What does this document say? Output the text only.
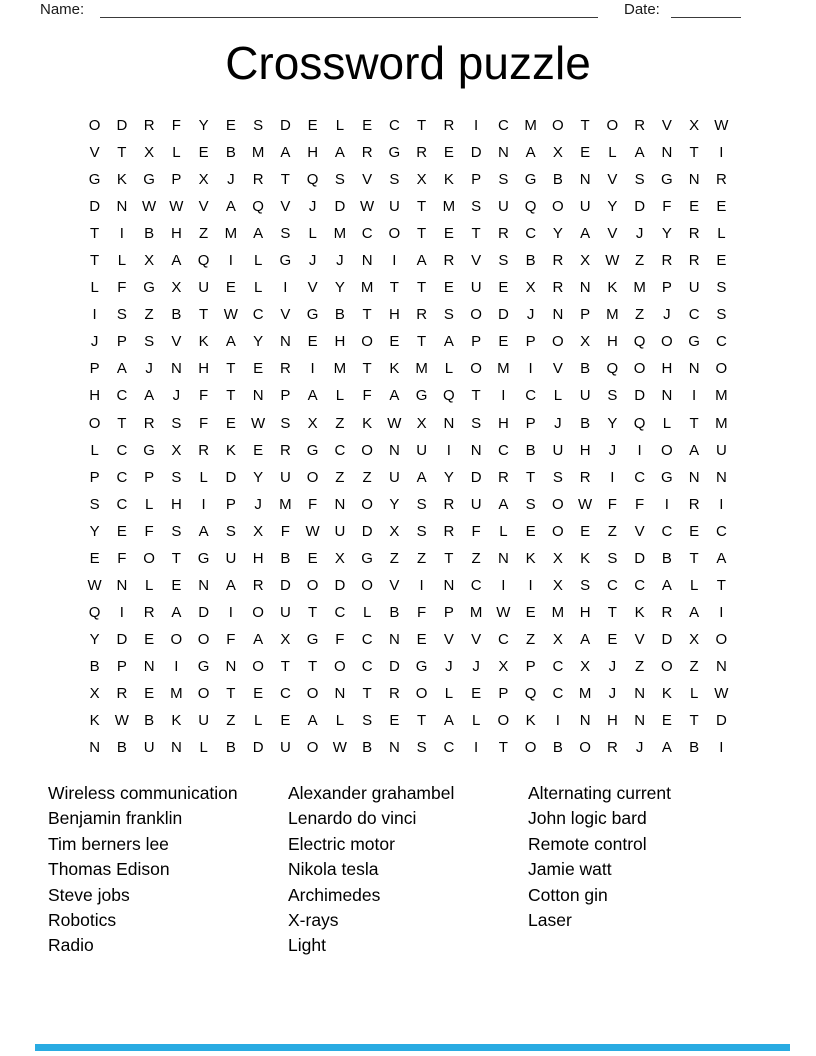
Name:	Date:
Crossword puzzle
O	D	R	F	Y	E	S	D	E	L	E	C	T	R	I	C	M	O	T	O	R	V	X	W
V	T	X	L	E	B	M	A	H	A	R	G	R	E	D	N	A	X	E	L	A	N	T	I
G	K	G	P	X	J	R	T	Q	S	V	S	X	K	P	S	G	B	N	V	S	G	N	R
D	N W W	V	A	Q	V	J	D W U	T	M	S	U	Q	O	U	Y	D	F	E	E
T	I	B	H	Z	M	A	S	L	M	C	O	T	E	T	R	C	Y	A	V	J	Y	R	L
T	L	X	A	Q	I	L	G	J	J	N	I	A	R	V	S	B	R	X	W	Z	R	R	E
L	F	G	X	U	E	L	I	V	Y	M	T	T	E	U	E	X	R	N	K	M	P	U	S
I	S	Z	B	T	W C	V	G	B	T	H	R	S	O	D	J	N	P	M	Z	J	C	S
J	P	S	V	K	A	Y	N	E	H	O	E	T	A	P	E	P	O	X	H	Q	O	G	C
P	A	J	N	H	T	E	R	I	M	T	K	M	L	O	M	I	V	B	Q	O	H	N	O
H	C	A	J	F	T	N	P	A	L	F	A	G	Q	T	I	C	L	U	S	D	N	I	M
O	T	R	S	F	E	W	S	X	Z	K	W	X	N	S	H	P	J	B	Y	Q	L	T	M
L	C	G	X	R	K	E	R	G	C	O	N	U	I	N	C	B	U	H	J	I	O	A	U
P	C	P	S	L	D	Y	U	O	Z	Z	U	A	Y	D	R	T	S	R	I	C	G	N	N
S	C	L	H	I	P	J	M	F	N	O	Y	S	R	U	A	S	O W	F	F	I	R	I
Y	E	F	S	A	S	X	F	W U	D	X	S	R	F	L	E	O	E	Z	V	C	E	C
E	F	O	T	G	U	H	B	E	X	G	Z	Z	T	Z	N	K	X	K	S	D	B	T	A
W N	L	E	N	A	R	D	O	D	O	V	I	N	C	I	I	X	S	C	C	A	L	T
Q	I	R	A	D	I	O	U	T	C	L	B	F	P	M W	E	M	H	T	K	R	A	I
Y	D	E	O	O	F	A	X	G	F	C	N	E	V	V	C	Z	X	A	E	V	D	X	O
B	P	N	I	G	N	O	T	T	O	C	D	G	J	J	X	P	C	X	J	Z	O	Z	N
X	R	E	M	O	T	E	C	O	N	T	R	O	L	E	P	Q	C	M	J	N	K	L	W
K	W	B	K	U	Z	L	E	A	L	S	E	T	A	L	O	K	I	N	H	N	E	T	D
N	B	U	N	L	B	D	U	O W	B	N	S	C	I	T	O	B	O	R	J	A	B	I
Wireless communication
Benjamin franklin
Tim berners lee
Thomas Edison
Steve jobs
Robotics
Radio
Alexander grahambel
Lenardo do vinci
Electric motor
Nikola tesla
Archimedes
X-rays
Light
Alternating current
John logic bard
Remote control
Jamie watt
Cotton gin
Laser
